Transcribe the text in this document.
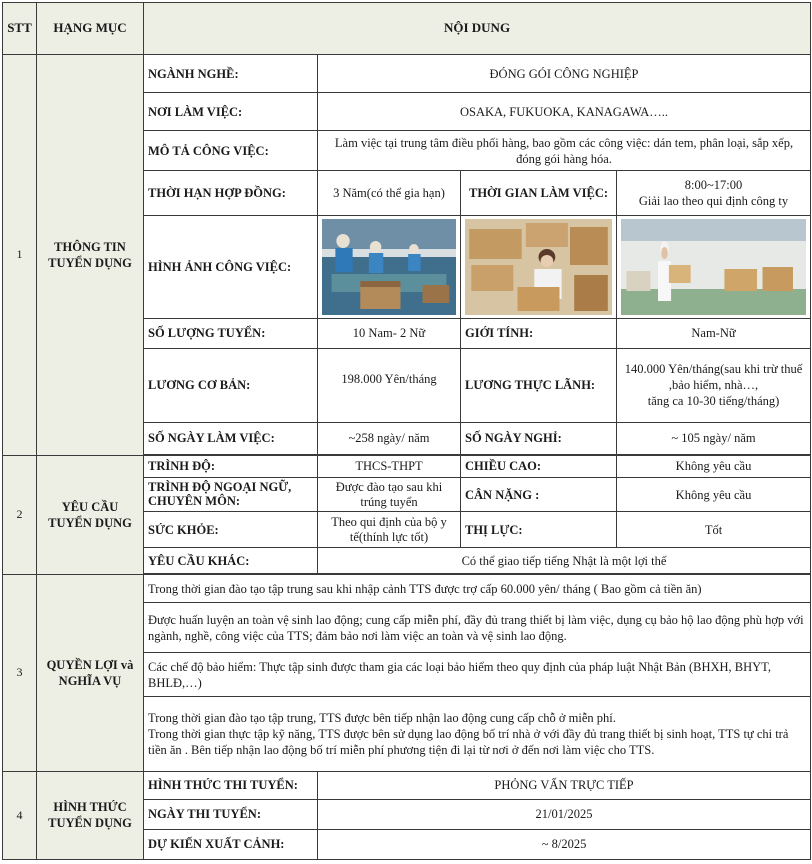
STT	HẠNG MỤC	NỘI DUNG			
1	THÔNG TIN TUYỂN DỤNG	NGÀNH NGHỀ:	ĐÓNG GÓI CÔNG NGHIỆP		
		NƠI LÀM VIỆC:	OSAKA, FUKUOKA, KANAGAWA…..		
		MÔ TẢ CÔNG VIỆC:	Làm việc tại trung tâm điều phối hàng, bao gồm các công việc: dán tem, phân loại, sắp xếp, đóng gói hàng hóa.		
		THỜI HẠN HỢP ĐỒNG:	3 Năm(có thể gia hạn)	THỜI GIAN LÀM VIỆC:	8:00~17:00
Giải lao theo qui định công ty

		HÌNH ẢNH CÔNG VIỆC:	

		SỐ LƯỢNG TUYỂN:	10 Nam- 2 Nữ	GIỚI TÍNH:	Nam-Nữ
		LƯƠNG CƠ BẢN:	198.000 Yên/tháng	LƯƠNG THỰC LÃNH:	140.000 Yên/tháng(sau khi trừ thuế ,bảo hiểm, nhà…,
tăng ca 10-30 tiếng/tháng)

		SỐ NGÀY LÀM VIỆC:	~258 ngày/ năm	SỐ NGÀY NGHỈ:	~ 105 ngày/ năm

2	YÊU CẦU TUYỂN DỤNG	TRÌNH ĐỘ:	THCS-THPT	CHIỀU CAO:	Không yêu cầu
		TRÌNH ĐỘ NGOẠI NGỮ, CHUYÊN MÔN:	Được đào tạo sau khi trúng tuyển	CÂN NẶNG :	Không yêu cầu
		SỨC KHỎE:	Theo qui định của bộ y tế(thính lực tốt)	THỊ LỰC:	Tốt
		YÊU CẦU KHÁC:	Có thể giao tiếp tiếng Nhật là một lợi thế		

3	QUYỀN LỢI và NGHĨA VỤ	Trong thời gian đào tạo tập trung sau khi nhập cảnh TTS được trợ cấp 60.000 yên/ tháng ( Bao gồm cả tiền ăn)			
		Được huấn luyện an toàn vệ sinh lao động; cung cấp miễn phí, đầy đủ trang thiết bị làm việc, dụng cụ bảo hộ lao động phù hợp với ngành, nghề, công việc của TTS; đảm bảo nơi làm việc an toàn và vệ sinh lao động.			
		Các chế độ bảo hiểm: Thực tập sinh được tham gia các loại bảo hiểm theo quy định của pháp luật Nhật Bản (BHXH, BHYT, BHLĐ,…)			

		Trong thời gian đào tạo tập trung, TTS được bên tiếp nhận lao động cung cấp chỗ ở miễn phí.
Trong thời gian thực tập kỹ năng, TTS được bên sử dụng lao động bố trí nhà ở với đầy đủ trang thiết bị sinh hoạt, TTS tự chi trả tiền ăn . Bên tiếp nhận lao động bố trí miễn phí phương tiện đi lại từ nơi ở đến nơi làm việc cho TTS.			

4	HÌNH THỨC TUYỂN DỤNG	HÌNH THỨC THI TUYỂN:	PHỎNG VẤN TRỰC TIẾP		
		NGÀY THI TUYỂN:	21/01/2025		
		DỰ KIẾN XUẤT CẢNH:	~ 8/2025		
